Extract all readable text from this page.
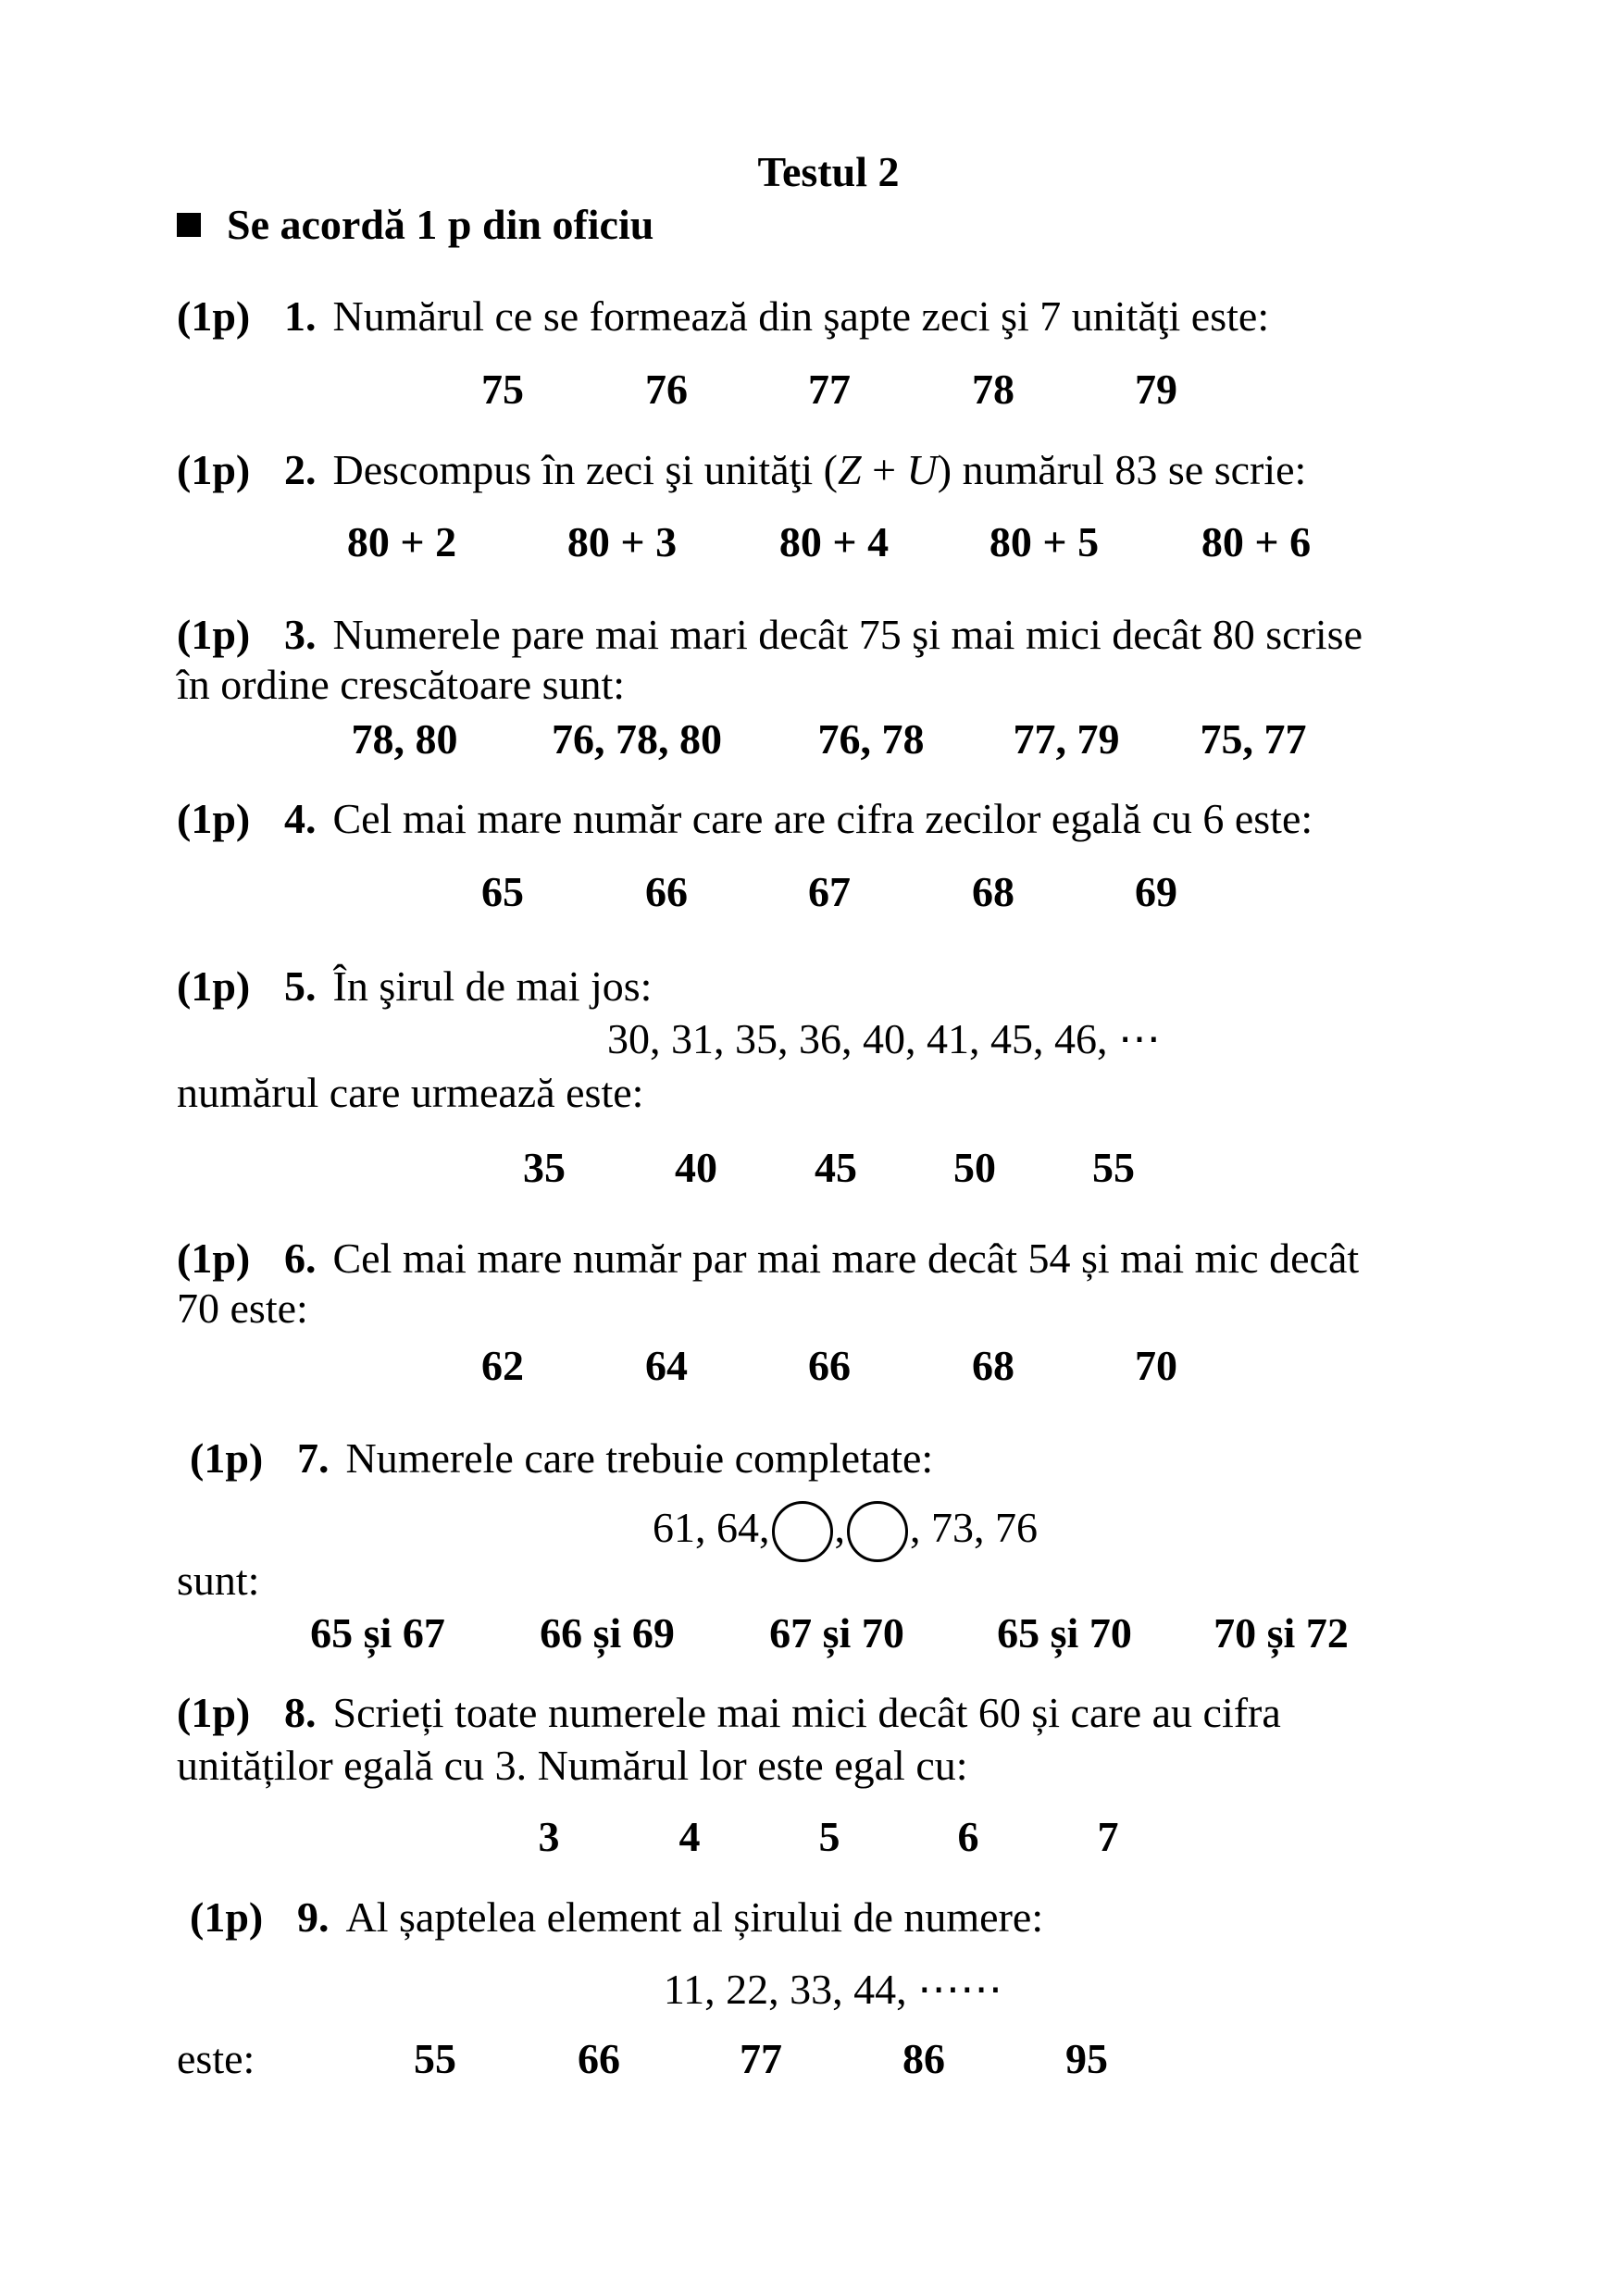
Testul 2
Se acordă 1 p din oficiu
(1p) 1. Numărul ce se formează din şapte zeci şi 7 unităţi este:
75	76	77	78	79
(1p) 2. Descompus în zeci şi unităţi (Z + U) numărul 83 se scrie:
80 + 2	80 + 3 80 + 4 80 + 5 80 + 6
(1p) 3. Numerele pare mai mari decât 75 şi mai mici decât 80 scrise
în ordine crescătoare sunt:
78, 80 76, 78, 80 76, 78 77, 79 75, 77
(1p) 4. Cel mai mare număr care are cifra zecilor egală cu 6 este:
65	66	67	68	69
(1p) 5. În şirul de mai jos:
30, 31, 35, 36, 40, 41, 45, 46, ⋯
numărul care urmează este:
35	40 45 50 55
(1p) 6. Cel mai mare număr par mai mare decât 54 și mai mic decât
70 este:
62	64	66	68	70
(1p) 7. Numerele care trebuie completate:
61, 64, , , 73, 76
sunt:
65 și 67 66 și 69 67 și 70 65 și 70 70 și 72
(1p) 8. Scrieți toate numerele mai mici decât 60 și care au cifra
unităților egală cu 3. Numărul lor este egal cu:
3	4	5	6	7
(1p) 9. Al șaptelea element al șirului de numere:
11, 22, 33, 44, ⋯⋯
este:	55	66	77	86	95
